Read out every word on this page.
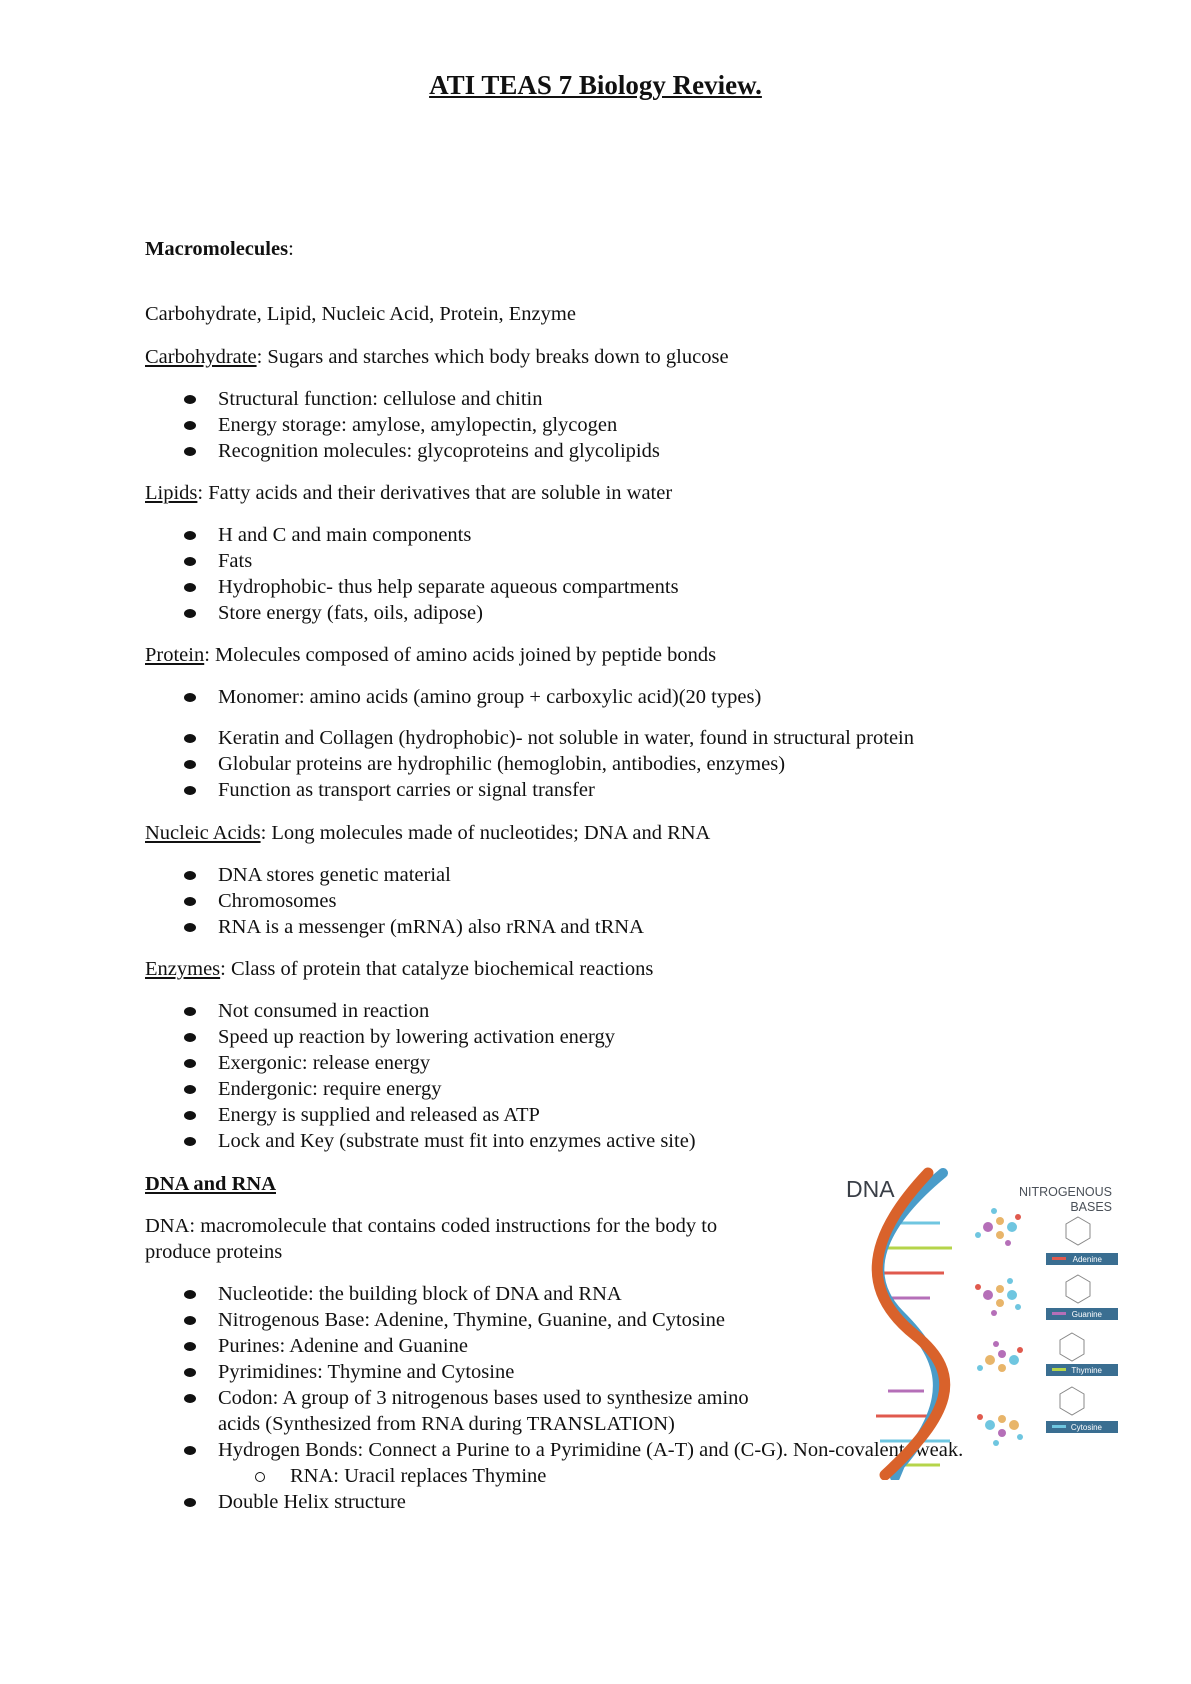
ATI TEAS 7 Biology Review.

Macromolecules:

Carbohydrate, Lipid, Nucleic Acid, Protein, Enzyme

Carbohydrate: Sugars and starches which body breaks down to glucose

Structural function: cellulose and chitin
Energy storage: amylose, amylopectin, glycogen
Recognition molecules: glycoproteins and glycolipids

Lipids: Fatty acids and their derivatives that are soluble in water

H and C and main components
Fats
Hydrophobic- thus help separate aqueous compartments
Store energy (fats, oils, adipose)

Protein: Molecules composed of amino acids joined by peptide bonds

Monomer: amino acids (amino group + carboxylic acid)(20 types)
Keratin and Collagen (hydrophobic)- not soluble in water, found in structural protein
Globular proteins are hydrophilic (hemoglobin, antibodies, enzymes)
Function as transport carries or signal transfer

Nucleic Acids: Long molecules made of nucleotides; DNA and RNA

DNA stores genetic material
Chromosomes
RNA is a messenger (mRNA) also rRNA and tRNA

Enzymes: Class of protein that catalyze biochemical reactions

Not consumed in reaction
Speed up reaction by lowering activation energy
Exergonic: release energy
Endergonic: require energy
Energy is supplied and released as ATP
Lock and Key (substrate must fit into enzymes active site)

DNA and RNA

DNA: macromolecule that contains coded instructions for the body to

produce proteins

Nucleotide: the building block of DNA and RNA
Nitrogenous Base: Adenine, Thymine, Guanine, and Cytosine
Purines: Adenine and Guanine
Pyrimidines: Thymine and Cytosine
Codon: A group of 3 nitrogenous bases used to synthesize amino
acids (Synthesized from RNA during TRANSLATION)
Hydrogen Bonds: Connect a Purine to a Pyrimidine (A-T) and (C-G). Non-covalent, weak.
RNA: Uracil replaces Thymine
Double Helix structure
DNA	NITROGENOUS
BASES
Adenine
Guanine
Thymine
Cytosine
